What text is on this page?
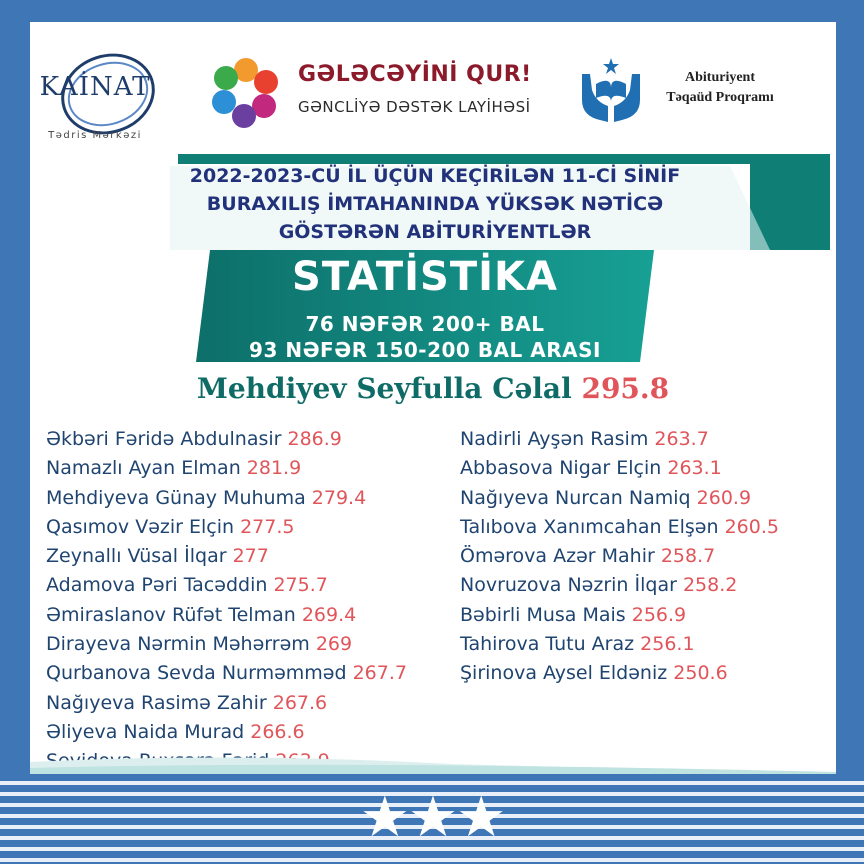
KAİNAT
Tədris Mərkəzi
GƏLƏCƏYİNİ QUR!
GƏNCLİYƏ DƏSTƏK LAYİHƏSİ
Abituriyent
Təqaüd Proqramı
2022-2023-CÜ İL ÜÇÜN KEÇİRİLƏN 11-Cİ SİNİF
BURAXILIŞ İMTAHANINDA YÜKSƏK NƏTİCƏ
GÖSTƏRƏN ABİTURİYENTLƏR
STATİSTİKA
76 NƏFƏR 200+ BAL
93 NƏFƏR 150-200 BAL ARASI
Mehdiyev Seyfulla Cəlal 295.8
Əkbəri Fəridə Abdulnasir 286.9
Namazlı Ayan Elman 281.9
Mehdiyeva Günay Muhuma 279.4
Qasımov Vəzir Elçin 277.5
Zeynallı Vüsal İlqar 277
Adamova Pəri Tacəddin 275.7
Əmiraslanov Rüfət Telman 269.4
Dirayeva Nərmin Məhərrəm 269
Qurbanova Sevda Nurməmməd 267.7
Nağıyeva Rasimə Zahir 267.6
Əliyeva Naida Murad 266.6
Nadirli Ayşən Rasim 263.7
Abbasova Nigar Elçin 263.1
Nağıyeva Nurcan Namiq 260.9
Talıbova Xanımcahan Elşən 260.5
Ömərova Azər Mahir 258.7
Novruzova Nəzrin İlqar 258.2
Bəbirli Musa Mais 256.9
Tahirova Tutu Araz 256.1
Şirinova Aysel Eldəniz 250.6
★★★
